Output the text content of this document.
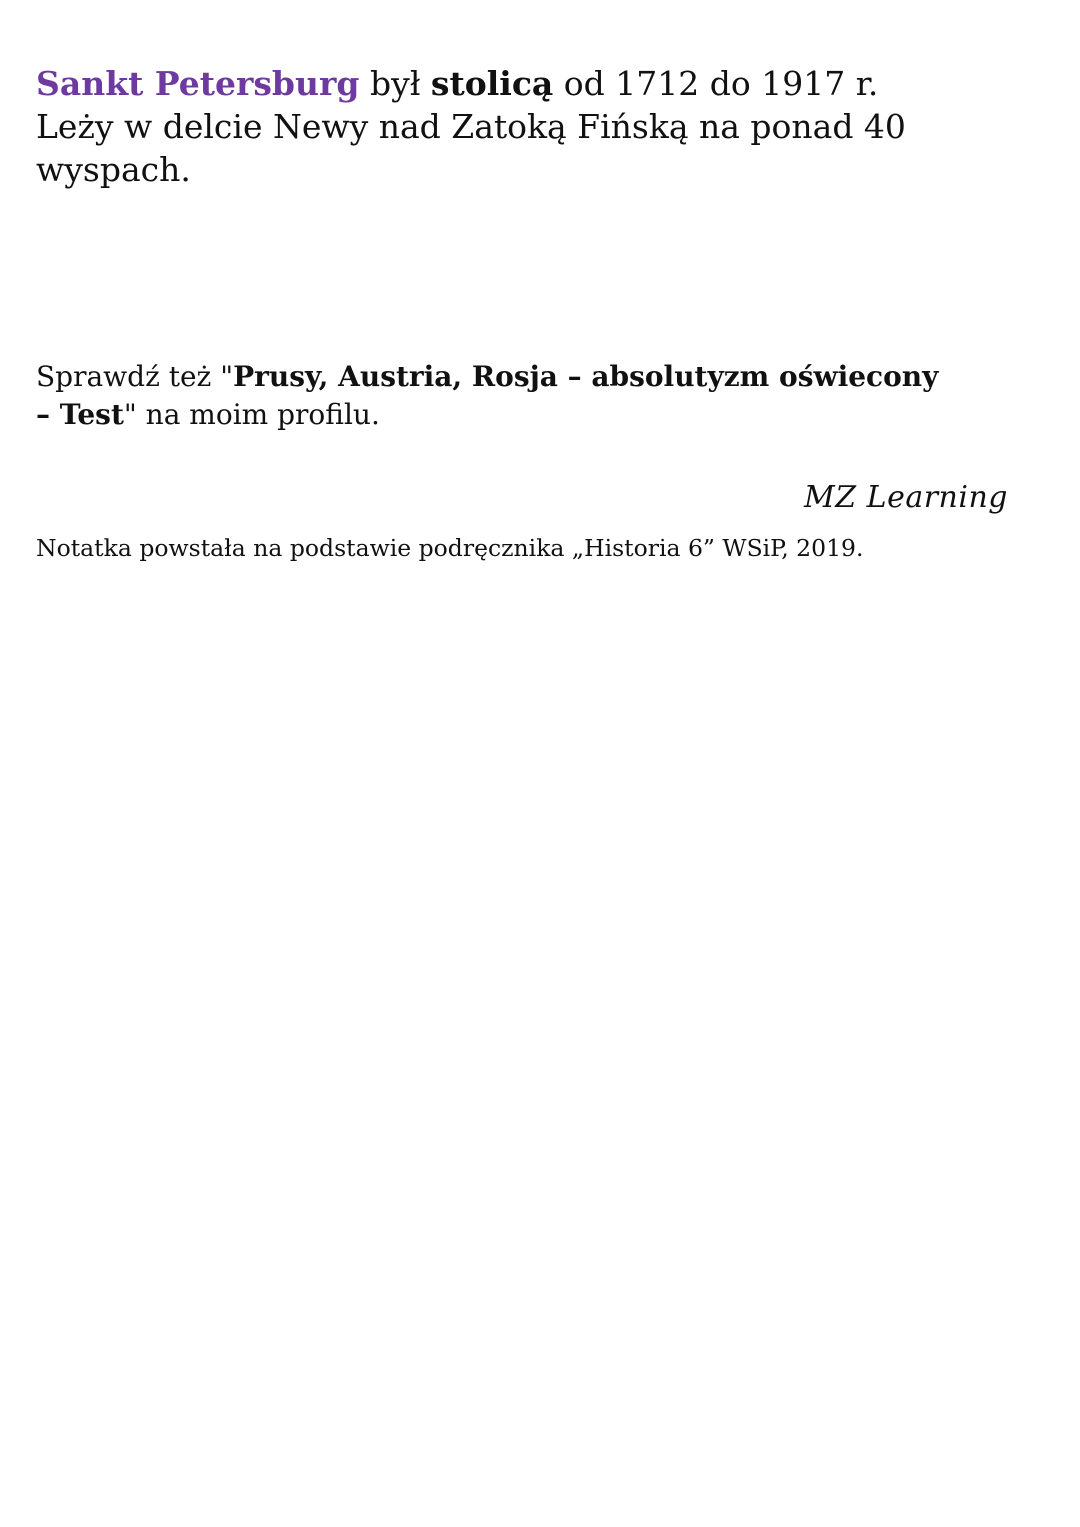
Sankt Petersburg był stolicą od 1712 do 1917 r.
Leży w delcie Newy nad Zatoką Fińską na ponad 40 wyspach.

Sprawdź też "Prusy, Austria, Rosja – absolutyzm oświecony
– Test" na moim profilu.

MZ Learning

Notatka powstała na podstawie podręcznika „Historia 6” WSiP, 2019.
